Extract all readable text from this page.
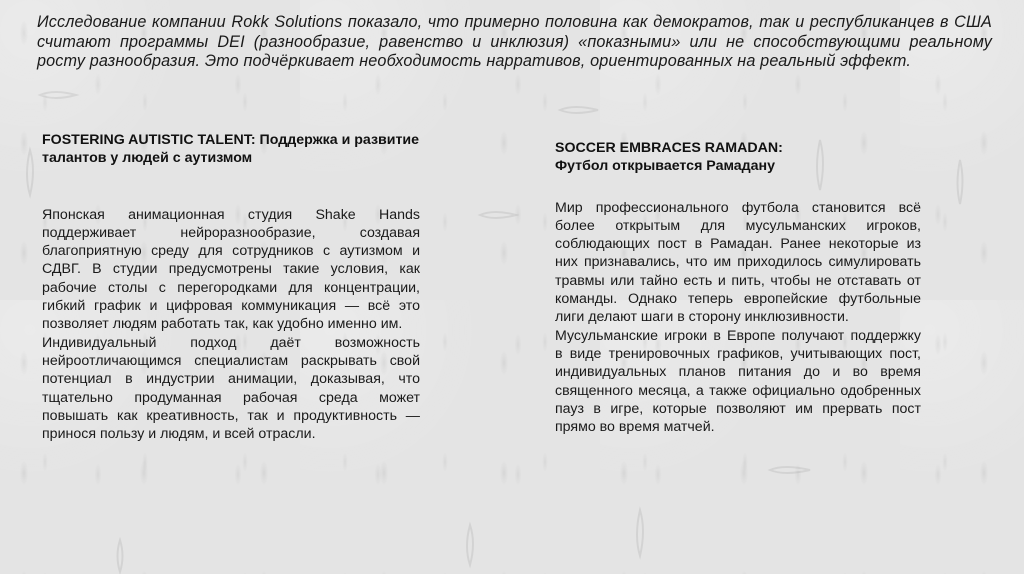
Исследование компании Rokk Solutions показало, что примерно половина как демократов, так и республиканцев в США считают программы DEI (разнообразие, равенство и инклюзия) «показными» или не способствующими реальному росту разнообразия. Это подчёркивает необходимость нарративов, ориентированных на реальный эффект.

FOSTERING AUTISTIC TALENT: Поддержка и развитие талантов у людей с аутизмом

Японская анимационная студия Shake Hands поддерживает нейроразнообразие, создавая благоприятную среду для сотрудников с аутизмом и СДВГ. В студии предусмотрены такие условия, как рабочие столы с перегородками для концентрации, гибкий график и цифровая коммуникация — всё это позволяет людям работать так, как удобно именно им.

Индивидуальный подход даёт возможность нейроотличающимся специалистам раскрывать свой потенциал в индустрии анимации, доказывая, что тщательно продуманная рабочая среда может повышать как креативность, так и продуктивность — принося пользу и людям, и всей отрасли.

SOCCER EMBRACES RAMADAN:

Футбол открывается Рамадану

Мир профессионального футбола становится всё более открытым для мусульманских игроков, соблюдающих пост в Рамадан. Ранее некоторые из них признавались, что им приходилось симулировать травмы или тайно есть и пить, чтобы не отставать от команды. Однако теперь европейские футбольные лиги делают шаги в сторону инклюзивности.

Мусульманские игроки в Европе получают поддержку в виде тренировочных графиков, учитывающих пост, индивидуальных планов питания до и во время священного месяца, а также официально одобренных пауз в игре, которые позволяют им прервать пост прямо во время матчей.
